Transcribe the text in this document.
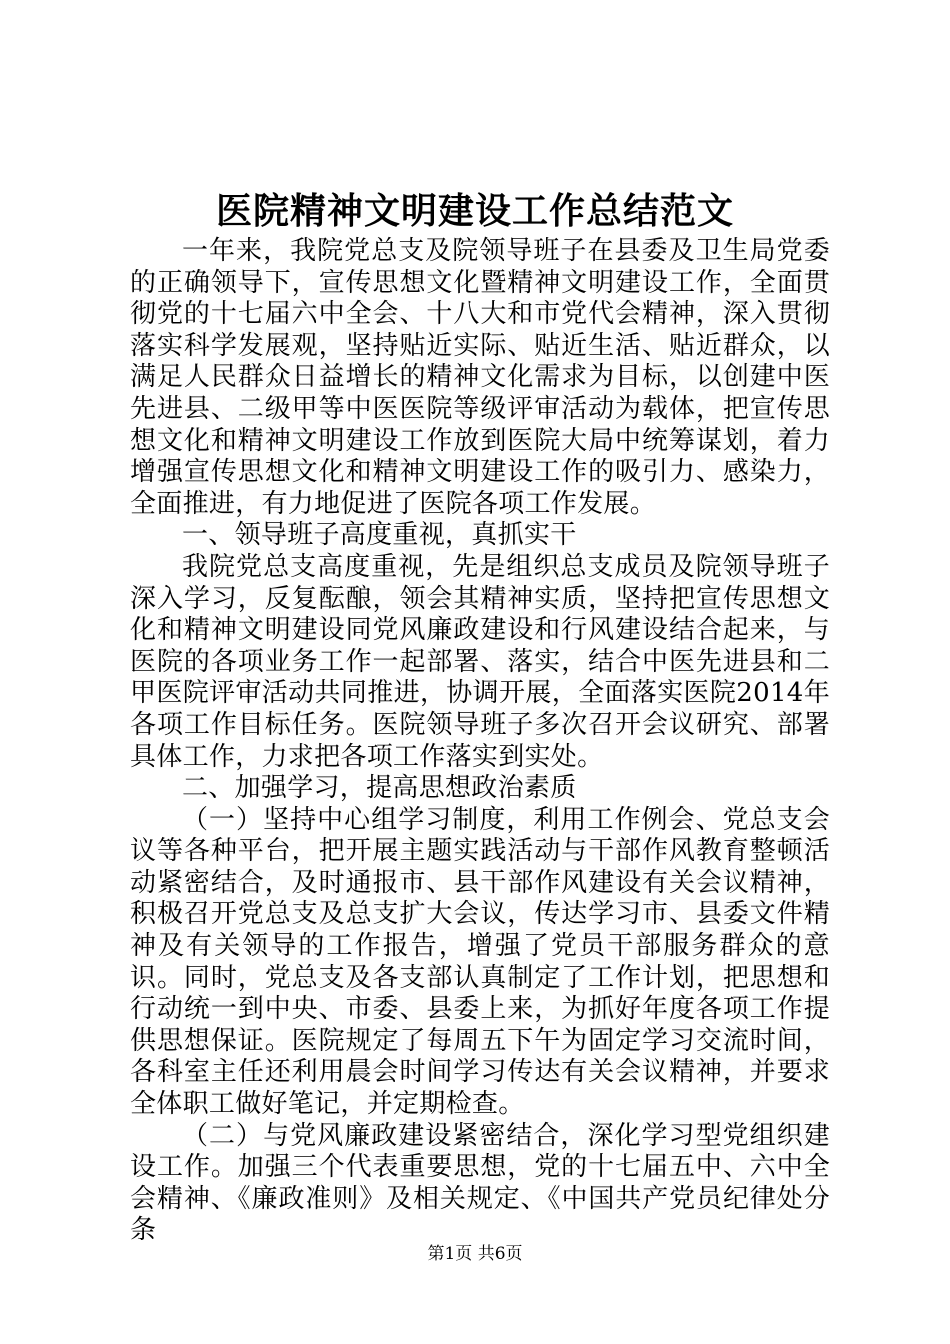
医院精神文明建设工作总结范文

一年来，我院党总支及院领导班子在县委及卫生局党委的正确领导下，宣传思想文化暨精神文明建设工作，全面贯彻党的十七届六中全会、十八大和市党代会精神，深入贯彻落实科学发展观，坚持贴近实际、贴近生活、贴近群众，以满足人民群众日益增长的精神文化需求为目标，以创建中医先进县、二级甲等中医医院等级评审活动为载体，把宣传思想文化和精神文明建设工作放到医院大局中统筹谋划，着力增强宣传思想文化和精神文明建设工作的吸引力、感染力，全面推进，有力地促进了医院各项工作发展。

一、领导班子高度重视，真抓实干

我院党总支高度重视，先是组织总支成员及院领导班子深入学习，反复酝酿，领会其精神实质，坚持把宣传思想文化和精神文明建设同党风廉政建设和行风建设结合起来，与医院的各项业务工作一起部署、落实，结合中医先进县和二甲医院评审活动共同推进，协调开展，全面落实医院2014年各项工作目标任务。医院领导班子多次召开会议研究、部署具体工作，力求把各项工作落实到实处。

二、加强学习，提高思想政治素质

（一）坚持中心组学习制度，利用工作例会、党总支会议等各种平台，把开展主题实践活动与干部作风教育整顿活动紧密结合，及时通报市、县干部作风建设有关会议精神，积极召开党总支及总支扩大会议，传达学习市、县委文件精神及有关领导的工作报告，增强了党员干部服务群众的意识。同时，党总支及各支部认真制定了工作计划，把思想和行动统一到中央、市委、县委上来，为抓好年度各项工作提供思想保证。医院规定了每周五下午为固定学习交流时间，各科室主任还利用晨会时间学习传达有关会议精神，并要求全体职工做好笔记，并定期检查。

（二）与党风廉政建设紧密结合，深化学习型党组织建设工作。加强三个代表重要思想，党的十七届五中、六中全会精神、《廉政准则》及相关规定、《中国共产党员纪律处分条

第1页 共6页
